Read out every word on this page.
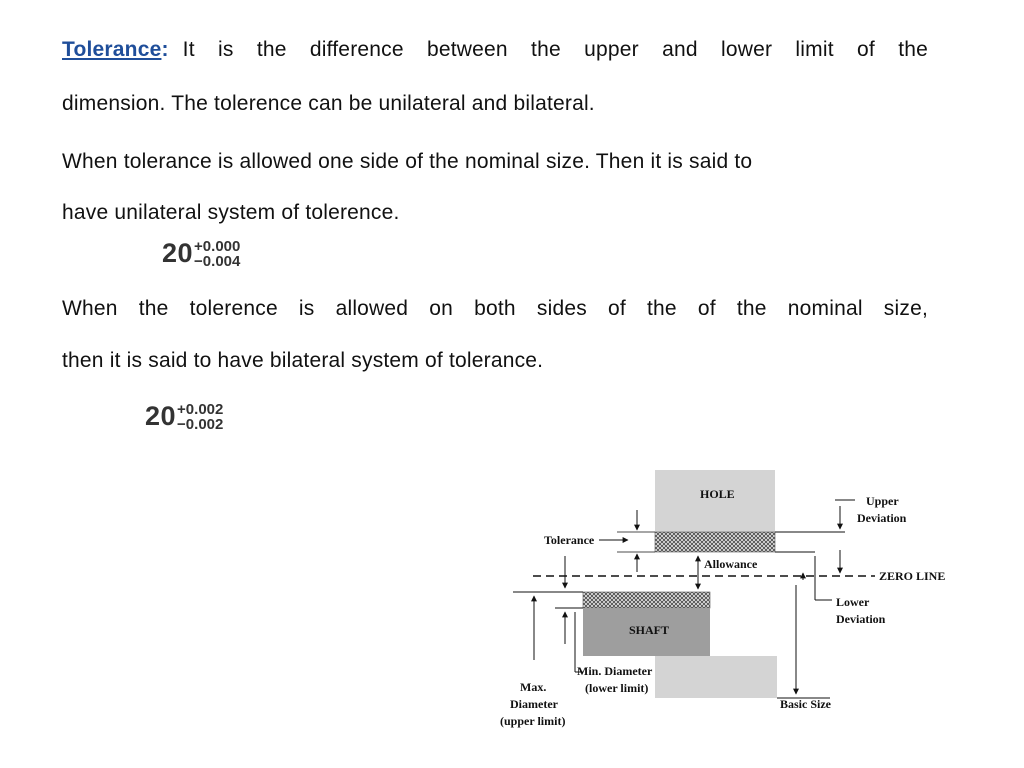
Tolerance: It is the difference between the upper and lower limit of the
dimension. The tolerence can be unilateral and bilateral.
When tolerance is allowed one side of the nominal size. Then it is said to
have unilateral system of tolerence.
20 +0.000
−0.004
When the tolerence is allowed on both sides of the of the nominal size,
then it is said to have bilateral system of tolerance.
20 +0.002
−0.002
HOLE
SHAFT
ZERO LINE
Tolerance
Allowance
Max.
Diameter
(upper limit)
Min. Diameter
(lower limit)
Upper
Deviation
Lower
Deviation
Basic Size
